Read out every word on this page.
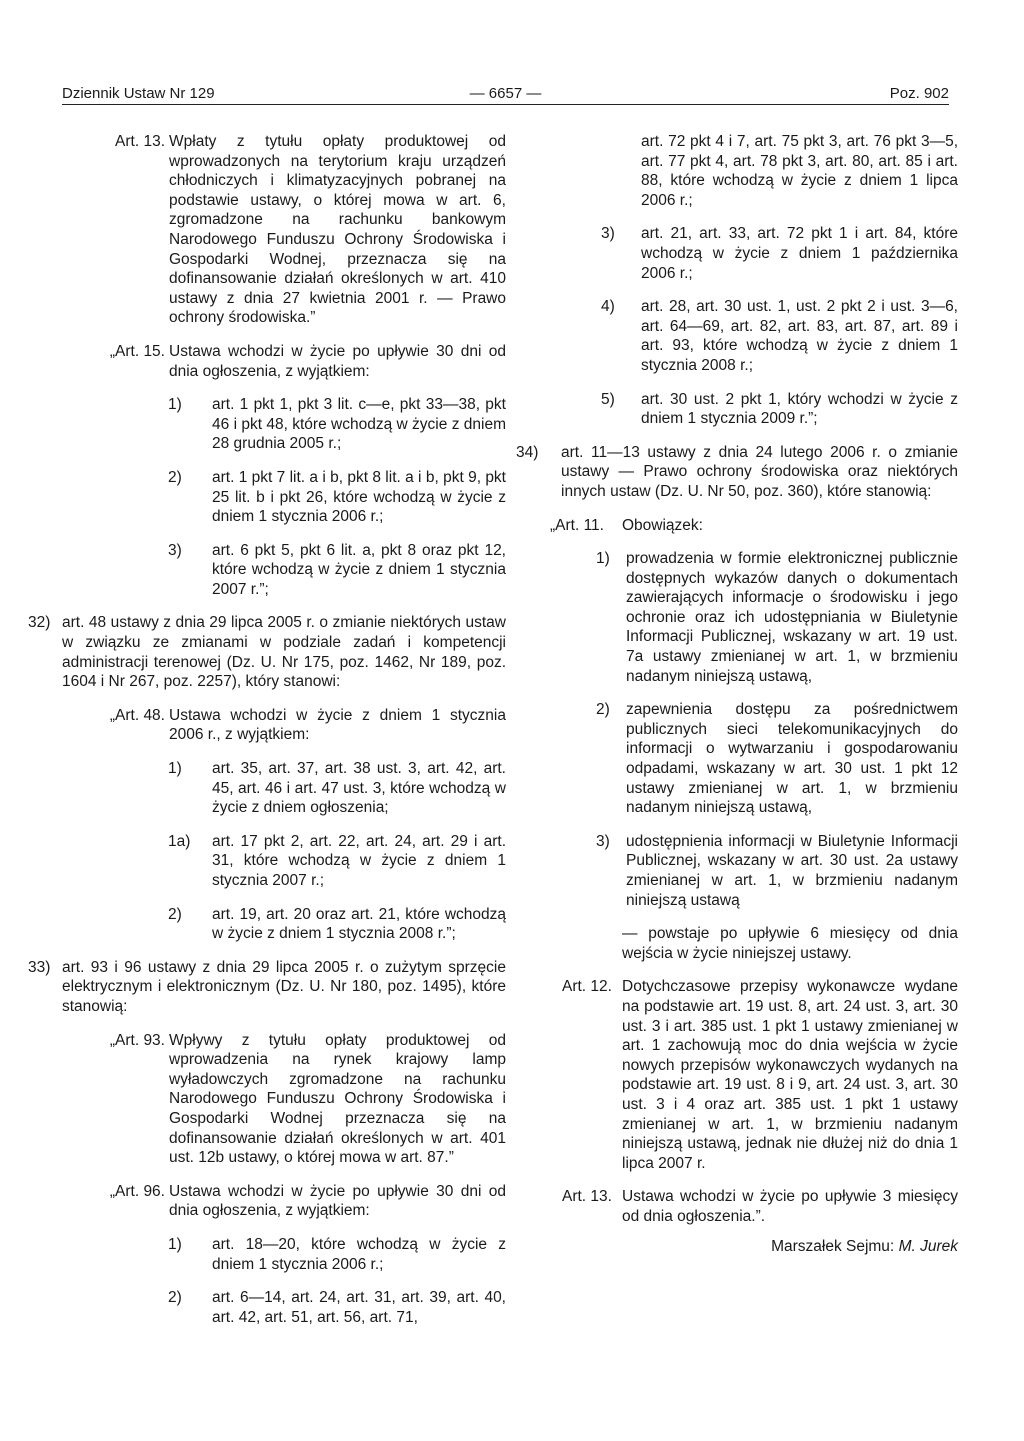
Dziennik Ustaw Nr 129	— 6657 —	Poz. 902
Art. 13. Wpłaty z tytułu opłaty produktowej od wprowadzonych na terytorium kraju urządzeń chłodniczych i klimatyzacyjnych pobranej na podstawie ustawy, o której mowa w art. 6, zgromadzone na rachunku bankowym Narodowego Funduszu Ochrony Środowiska i Gospodarki Wodnej, przeznacza się na dofinansowanie działań określonych w art. 410 ustawy z dnia 27 kwietnia 2001 r. — Prawo ochrony środowiska.”
„Art. 15. Ustawa wchodzi w życie po upływie 30 dni od dnia ogłoszenia, z wyjątkiem:
1)	art. 1 pkt 1, pkt 3 lit. c—e, pkt 33—38, pkt 46 i pkt 48, które wchodzą w życie z dniem 28 grudnia 2005 r.;
2)	art. 1 pkt 7 lit. a i b, pkt 8 lit. a i b, pkt 9, pkt 25 lit. b i pkt 26, które wchodzą w życie z dniem 1 stycznia 2006 r.;
3)	art. 6 pkt 5, pkt 6 lit. a, pkt 8 oraz pkt 12, które wchodzą w życie z dniem 1 stycznia 2007 r.”;
32) art. 48 ustawy z dnia 29 lipca 2005 r. o zmianie niektórych ustaw w związku ze zmianami w podziale zadań i kompetencji administracji terenowej (Dz. U. Nr 175, poz. 1462, Nr 189, poz. 1604 i Nr 267, poz. 2257), który stanowi:
„Art. 48. Ustawa wchodzi w życie z dniem 1 stycznia 2006 r., z wyjątkiem:
1)	art. 35, art. 37, art. 38 ust. 3, art. 42, art. 45, art. 46 i art. 47 ust. 3, które wchodzą w życie z dniem ogłoszenia;
1a)	art. 17 pkt 2, art. 22, art. 24, art. 29 i art. 31, które wchodzą w życie z dniem 1 stycznia 2007 r.;
2)	art. 19, art. 20 oraz art. 21, które wchodzą w życie z dniem 1 stycznia 2008 r.”;
33) art. 93 i 96 ustawy z dnia 29 lipca 2005 r. o zużytym sprzęcie elektrycznym i elektronicznym (Dz. U. Nr 180, poz. 1495), które stanowią:
„Art. 93. Wpływy z tytułu opłaty produktowej od wprowadzenia na rynek krajowy lamp wyładowczych zgromadzone na rachunku Narodowego Funduszu Ochrony Środowiska i Gospodarki Wodnej przeznacza się na dofinansowanie działań określonych w art. 401 ust. 12b ustawy, o której mowa w art. 87.”
„Art. 96. Ustawa wchodzi w życie po upływie 30 dni od dnia ogłoszenia, z wyjątkiem:
1)	art. 18—20, które wchodzą w życie z dniem 1 stycznia 2006 r.;
2)	art. 6—14, art. 24, art. 31, art. 39, art. 40, art. 42, art. 51, art. 56, art. 71,
art. 72 pkt 4 i 7, art. 75 pkt 3, art. 76 pkt 3—5, art. 77 pkt 4, art. 78 pkt 3, art. 80, art. 85 i art. 88, które wchodzą w życie z dniem 1 lipca 2006 r.;
3)	art. 21, art. 33, art. 72 pkt 1 i art. 84, które wchodzą w życie z dniem 1 października 2006 r.;
4)	art. 28, art. 30 ust. 1, ust. 2 pkt 2 i ust. 3—6, art. 64—69, art. 82, art. 83, art. 87, art. 89 i art. 93, które wchodzą w życie z dniem 1 stycznia 2008 r.;
5)	art. 30 ust. 2 pkt 1, który wchodzi w życie z dniem 1 stycznia 2009 r.”;
34)	art. 11—13 ustawy z dnia 24 lutego 2006 r. o zmianie ustawy — Prawo ochrony środowiska oraz niektórych innych ustaw (Dz. U. Nr 50, poz. 360), które stanowią:
„Art. 11.	Obowiązek:
1)	prowadzenia w formie elektronicznej publicznie dostępnych wykazów danych o dokumentach zawierających informacje o środowisku i jego ochronie oraz ich udostępniania w Biuletynie Informacji Publicznej, wskazany w art. 19 ust. 7a ustawy zmienianej w art. 1, w brzmieniu nadanym niniejszą ustawą,
2)	zapewnienia dostępu za pośrednictwem publicznych sieci telekomunikacyjnych do informacji o wytwarzaniu i gospodarowaniu odpadami, wskazany w art. 30 ust. 1 pkt 12 ustawy zmienianej w art. 1, w brzmieniu nadanym niniejszą ustawą,
3)	udostępnienia informacji w Biuletynie Informacji Publicznej, wskazany w art. 30 ust. 2a ustawy zmienianej w art. 1, w brzmieniu nadanym niniejszą ustawą
— powstaje po upływie 6 miesięcy od dnia wejścia w życie niniejszej ustawy.
Art. 12. Dotychczasowe przepisy wykonawcze wydane na podstawie art. 19 ust. 8, art. 24 ust. 3, art. 30 ust. 3 i art. 385 ust. 1 pkt 1 ustawy zmienianej w art. 1 zachowują moc do dnia wejścia w życie nowych przepisów wykonawczych wydanych na podstawie art. 19 ust. 8 i 9, art. 24 ust. 3, art. 30 ust. 3 i 4 oraz art. 385 ust. 1 pkt 1 ustawy zmienianej w art. 1, w brzmieniu nadanym niniejszą ustawą, jednak nie dłużej niż do dnia 1 lipca 2007 r.
Art. 13. Ustawa wchodzi w życie po upływie 3 miesięcy od dnia ogłoszenia.”.
Marszałek Sejmu: M. Jurek
